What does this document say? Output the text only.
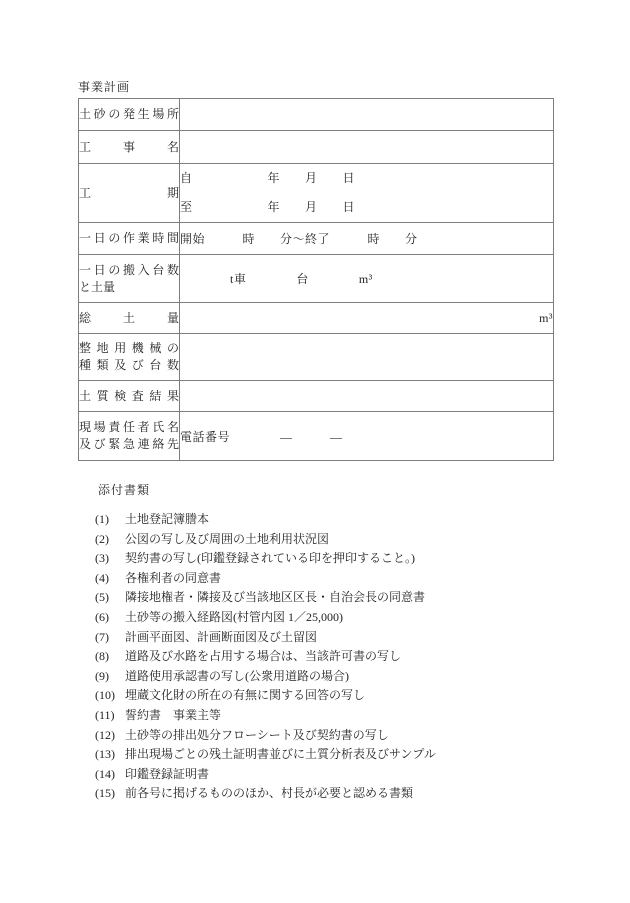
事業計画
土砂の発生場所	

工事名	

工期	自　　　　　　年　　月　　日
至　　　　　　年　　月　　日

一日の作業時間	開始　　　時　　分〜終了　　　時　　分

一日の搬入台数
と土量	　　　　t車　　　　台　　　　m³

総土量	m³

整地用機械の
種類及び台数	

土質検査結果	

現場責任者氏名
及び緊急連絡先	電話番号　　　　―　　　―
添付書類
(1) 土地登記簿謄本
(2) 公図の写し及び周囲の土地利用状況図
(3) 契約書の写し(印鑑登録されている印を押印すること。)
(4) 各権利者の同意書
(5) 隣接地権者・隣接及び当該地区区長・自治会長の同意書
(6) 土砂等の搬入経路図(村管内図 1／25,000)
(7) 計画平面図、計画断面図及び土留図
(8) 道路及び水路を占用する場合は、当該許可書の写し
(9) 道路使用承認書の写し(公衆用道路の場合)
(10) 埋蔵文化財の所在の有無に関する回答の写し
(11) 誓約書　事業主等
(12) 土砂等の排出処分フローシート及び契約書の写し
(13) 排出現場ごとの残土証明書並びに土質分析表及びサンプル
(14) 印鑑登録証明書
(15) 前各号に掲げるもののほか、村長が必要と認める書類
